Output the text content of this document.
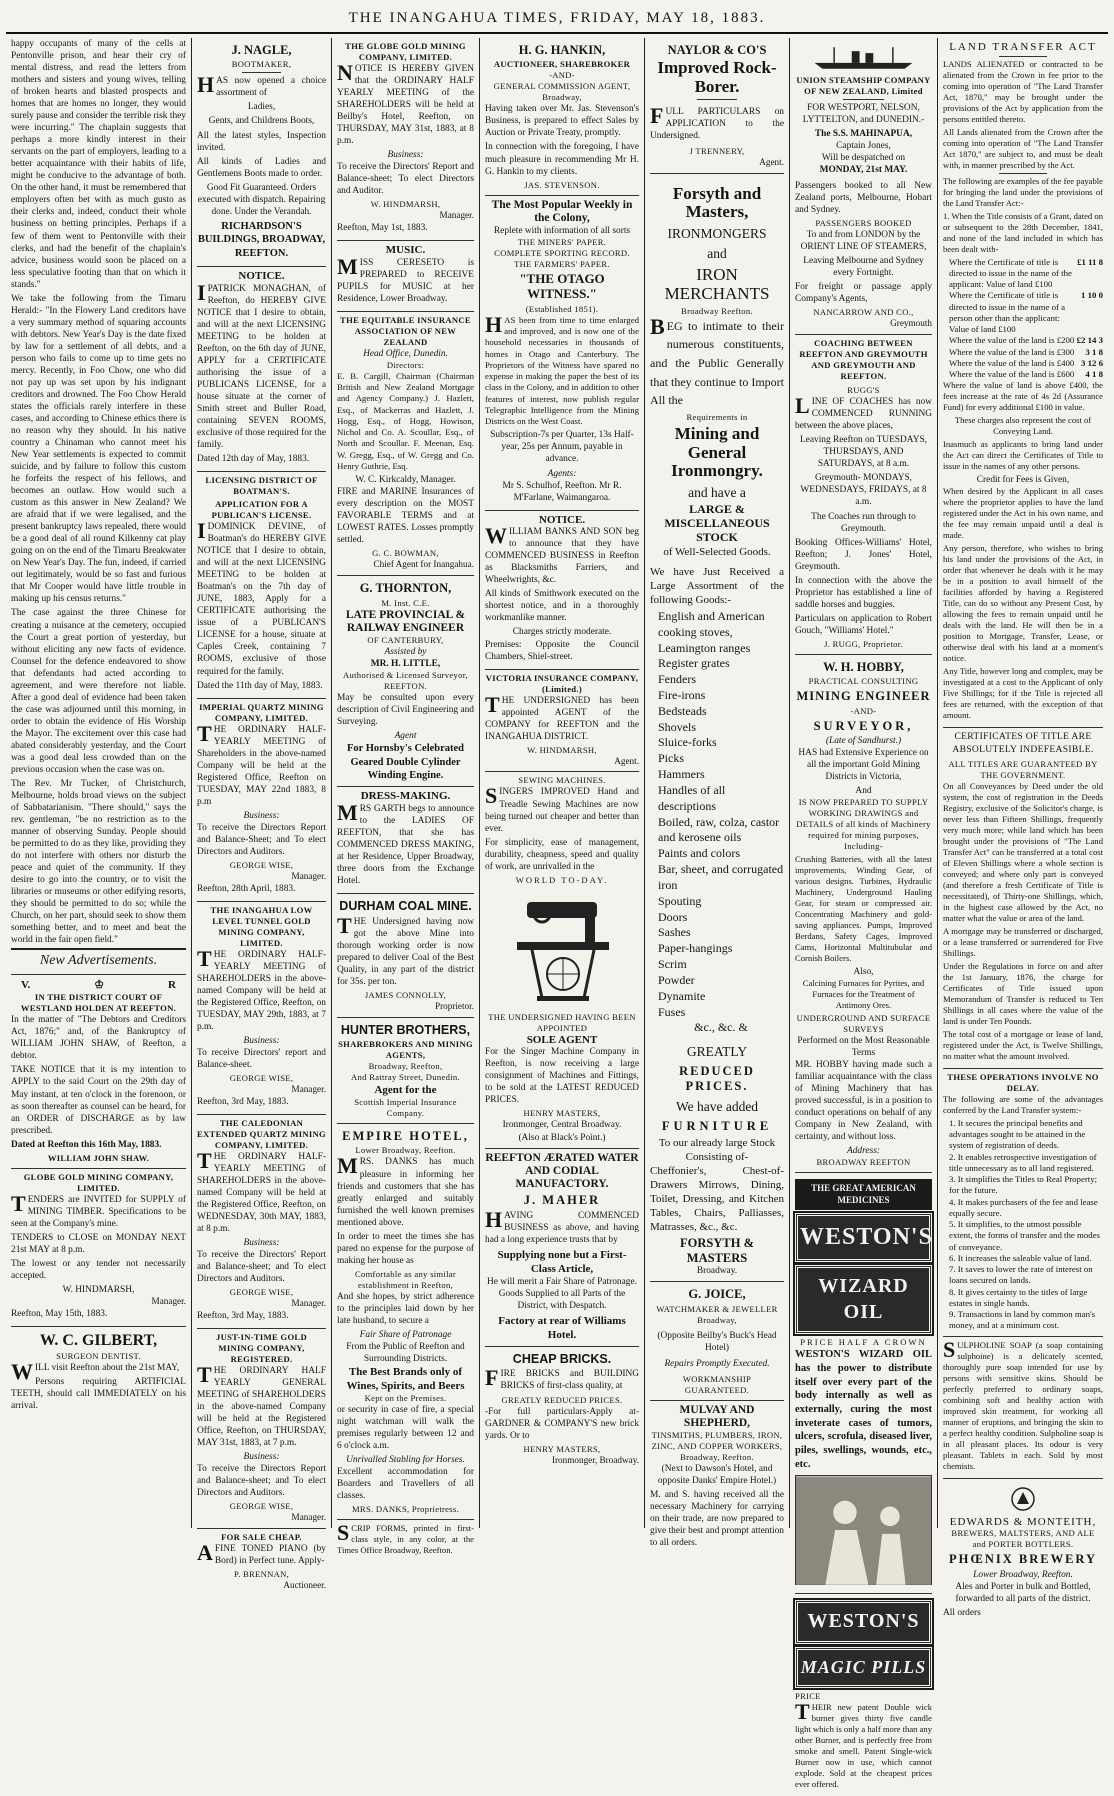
THE INANGAHUA TIMES, FRIDAY, MAY 18, 1883.

happy occupants of many of the cells at Pentonville prison, and hear their cry of mental distress, and read the letters from mothers and sisters and young wives, telling of broken hearts and blasted prospects and homes that are homes no longer, they would surely pause and consider the terrible risk they were incurring." The chaplain suggests that perhaps a more kindly interest in their servants on the part of employers, leading to a better acquaintance with their habits of life, might be conducive to the advantage of both. On the other hand, it must be remembered that employers often bet with as much gusto as their clerks and, indeed, conduct their whole business on betting principles. Perhaps if a few of them went to Pentonville with their clerks, and had the benefit of the chaplain's advice, business would soon be placed on a less speculative footing than that on which it stands."

We take the following from the Timaru Herald:- "In the Flowery Land creditors have a very summary method of squaring accounts with debtors. New Year's Day is the date fixed by law for a settlement of all debts, and a person who fails to come up to time gets no mercy. Recently, in Foo Chow, one who did not pay up was set upon by his indignant creditors and drowned. The Foo Chow Herald states the officials rarely interfere in these cases, and according to Chinese ethics there is no reason why they should. In his native country a Chinaman who cannot meet his New Year settlements is expected to commit suicide, and by failure to follow this custom he forfeits the respect of his fellows, and becomes an outlaw. How would such a custom as this answer in New Zealand? We are afraid that if we were legalised, and the present bankruptcy laws repealed, there would be a good deal of all round Kilkenny cat play going on on the end of the Timaru Breakwater on New Year's Day. The fun, indeed, if carried out legitimately, would be so fast and furious that Mr Cooper would have little trouble in making up his census returns."

The case against the three Chinese for creating a nuisance at the cemetery, occupied the Court a great portion of yesterday, but without eliciting any new facts of evidence. Counsel for the defence endeavored to show that defendants had acted according to agreement, and were therefore not liable. After a good deal of evidence had been taken the case was adjourned until this morning, in order to obtain the evidence of His Worship the Mayor. The excitement over this case had abated considerably yesterday, and the Court was a good deal less crowded than on the previous occasion when the case was on.

The Rev. Mr Tucker, of Christchurch, Melbourne, holds broad views on the subject of Sabbatarianism. "There should," says the rev. gentleman, "be no restriction as to the manner of observing Sunday. People should be permitted to do as they like, providing they do not interfere with others nor disturb the peace and quiet of the community. If they desire to go into the country, or to visit the libraries or museums or other edifying resorts, they should be permitted to do so; while the Church, on her part, should seek to show them something better, and to meet and beat the world in the fair open field."

New Advertisements.
V.	♔	R
IN THE DISTRICT COURT OF WESTLAND HOLDEN AT REEFTON.

In the matter of "The Debtors and Creditors Act, 1876;" and, of the Bankruptcy of WILLIAM JOHN SHAW, of Reefton, a debtor.

TAKE NOTICE that it is my intention to APPLY to the said Court on the 29th day of May instant, at ten o'clock in the forenoon, or as soon thereafter as counsel can be heard, for an ORDER of DISCHARGE as by law prescribed.

Dated at Reefton this 16th May, 1883.

WILLIAM JOHN SHAW.
GLOBE GOLD MINING COMPANY, LIMITED.

TENDERS are INVITED for SUPPLY of MINING TIMBER. Specifications to be seen at the Company's mine.

TENDERS to CLOSE on MONDAY NEXT 21st MAY at 8 p.m.

The lowest or any tender not necessarily accepted.

W. HINDMARSH,
Manager.

Reefton, May 15th, 1883.

W. C. GILBERT,
SURGEON DENTIST.

WILL visit Reefton about the 21st MAY,

Persons requiring ARTIFICIAL TEETH, should call IMMEDIATELY on his arrival.

J. NAGLE,
BOOTMAKER,

HAS now opened a choice assortment of

Ladies,

Gents, and Childrens Boots,

All the latest styles, Inspection invited.

All kinds of Ladies and Gentlemens Boots made to order.

Good Fit Guaranteed. Orders executed with dispatch. Repairing done. Under the Verandah.

RICHARDSON'S BUILDINGS, BROADWAY, REEFTON.

NOTICE.

IPATRICK MONAGHAN, of Reefton, do HEREBY GIVE NOTICE that I desire to obtain, and will at the next LICENSING MEETING to be holden at Reefton, on the 6th day of JUNE, APPLY for a CERTIFICATE authorising the issue of a PUBLICANS LICENSE, for a house situate at the corner of Smith street and Buller Road, containing SEVEN ROOMS, exclusive of those required for the family.

Dated 12th day of May, 1883.

LICENSING DISTRICT OF BOATMAN'S.
APPLICATION FOR A PUBLICAN'S LICENSE.

IDOMINICK DEVINE, of Boatman's do HEREBY GIVE NOTICE that I desire to obtain, and will at the next LICENSING MEETING to be holden at Boatman's on the 7th day of JUNE, 1883, Apply for a CERTIFICATE authorising the issue of a PUBLICAN'S LICENSE for a house, situate at Caples Creek, containing 7 ROOMS, exclusive of those required for the family.

Dated the 11th day of May, 1883.

IMPERIAL QUARTZ MINING COMPANY, LIMITED.

THE ORDINARY HALF-YEARLY MEETING of Shareholders in the above-named Company will be held at the Registered Office, Reefton on TUESDAY, MAY 22nd 1883, 8 p.m

Business:

To receive the Directors Report and Balance-Sheet; and To elect Directors and Auditors.

GEORGE WISE,
Manager.

Reefton, 28th April, 1883.

THE INANGAHUA LOW LEVEL TUNNEL GOLD MINING COMPANY, LIMITED.

THE ORDINARY HALF-YEARLY MEETING of SHAREHOLDERS in the above-named Company will be held at the Registered Office, Reefton, on TUESDAY, MAY 29th, 1883, at 7 p.m.

Business:

To receive Directors' report and Balance-sheet.

GEORGE WISE,
Manager.

Reefton, 3rd May, 1883.

THE CALEDONIAN EXTENDED QUARTZ MINING COMPANY, LIMITED.

THE ORDINARY HALF-YEARLY MEETING of SHAREHOLDERS in the above-named Company will be held at the Registered Office, Reefton, on WEDNESDAY, 30th MAY, 1883, at 8 p.m.

Business:

To receive the Directors' Report and Balance-sheet; and To elect Directors and Auditors.

GEORGE WISE,
Manager.

Reefton, 3rd May, 1883.

JUST-IN-TIME GOLD MINING COMPANY, REGISTERED.

THE ORDINARY HALF YEARLY GENERAL MEETING of SHAREHOLDERS in the above-named Company will be held at the Registered Office, Reefton, on THURSDAY, MAY 31st, 1883, at 7 p.m.

Business:

To receive the Directors Report and Balance-sheet; and To elect Directors and Auditors.

GEORGE WISE,
Manager.
FOR SALE CHEAP.

AFINE TONED PIANO (by Bord) in Perfect tune. Apply-

P. BRENNAN,
Auctioneer.
THE GLOBE GOLD MINING COMPANY, LIMITED.

NOTICE IS HEREBY GIVEN that the ORDINARY HALF YEARLY MEETING of the SHAREHOLDERS will be held at Beilby's Hotel, Reefton, on THURSDAY, MAY 31st, 1883, at 8 p.m.

Business:

To receive the Directors' Report and Balance-sheet; To elect Directors and Auditor.

W. HINDMARSH,
Manager.

Reefton, May 1st, 1883.

MUSIC.

MISS CERESETO is PREPARED to RECEIVE PUPILS for MUSIC at her Residence, Lower Broadway.

THE EQUITABLE INSURANCE ASSOCIATION OF NEW ZEALAND
Head Office, Dunedin.
Directors:

E. B. Cargill, Chairman (Chairman British and New Zealand Mortgage and Agency Company.) J. Hazlett, Esq., of Mackerras and Hazlett, J. Hogg, Esq., of Hogg, Howison, Nichol and Co. A. Scoullar, Esq., of North and Scoullar. F. Meenan, Esq. W. Gregg, Esq., of W. Gregg and Co. Henry Guthrie, Esq.

W. C. Kirkcaldy, Manager.

FIRE and MARINE Insurances of every description on the MOST FAVORABLE TERMS and at LOWEST RATES. Losses promptly settled.

G. C. BOWMAN,
Chief Agent for Inangahua.
G. THORNTON,
M. Inst. C.E.
LATE PROVINCIAL & RAILWAY ENGINEER
OF CANTERBURY,
Assisted by
MR. H. LITTLE,
Authorised & Licensed Surveyor, REEFTON.

May be consulted upon every description of Civil Engineering and Surveying.

Agent
For Hornsby's Celebrated Geared Double Cylinder Winding Engine.
DRESS-MAKING.

MRS GARTH begs to announce to the LADIES OF REEFTON, that she has COMMENCED DRESS MAKING, at her Residence, Upper Broadway, three doors from the Exchange Hotel.

DURHAM COAL MINE.

THE Undersigned having now got the above Mine into thorough working order is now prepared to deliver Coal of the Best Quality, in any part of the district for 35s. per ton.

JAMES CONNOLLY,
Proprietor.
HUNTER BROTHERS,
SHAREBROKERS AND MINING AGENTS,
Broadway, Reefton,
And Rattray Street, Dunedin.
Agent for the
Scottish Imperial Insurance Company.
EMPIRE HOTEL,
Lower Broadway, Reefton.

MRS. DANKS has much pleasure in informing her friends and customers that she has greatly enlarged and suitably furnished the well known premises mentioned above.

In order to meet the times she has pared no expense for the purpose of making her house as

Comfortable as any similar establishment in Reefton,

And she hopes, by strict adherence to the principles laid down by her late husband, to secure a

Fair Share of Patronage
From the Public of Reefton and Surrounding Districts.
The Best Brands only of Wines, Spirits, and Beers
Kept on the Premises.

or security in case of fire, a special night watchman will walk the premises regularly between 12 and 6 o'clock a.m.

Unrivalled Stabling for Horses.

Excellent accommodation for Boarders and Travellers of all classes.

MRS. DANKS, Proprietress.

SCRIP FORMS, printed in first-class style, in any color, at the Times Office Broadway, Reefton.

H. G. HANKIN,
AUCTIONEER, SHAREBROKER
-AND-
GENERAL COMMISSION AGENT,
Broadway,

Having taken over Mr. Jas. Stevenson's Business, is prepared to effect Sales by Auction or Private Treaty, promptly.

In connection with the foregoing, I have much pleasure in recommending Mr H. G. Hankin to my clients.

JAS. STEVENSON.
The Most Popular Weekly in the Colony,
Replete with information of all sorts
THE MINERS' PAPER.
COMPLETE SPORTING RECORD.
THE FARMERS' PAPER.
"THE OTAGO WITNESS."
(Established 1851).

HAS been from time to time enlarged and improved, and is now one of the household necessaries in thousands of homes in Otago and Canterbury. The Proprietors of the Witness have spared no expense in making the paper the best of its class in the Colony, and in addition to other features of interest, now publish regular Telegraphic Intelligence from the Mining Districts on the West Coast.

Subscription-7s per Quarter, 13s Half-year, 25s per Annum, payable in advance.

Agents:

Mr S. Schulhof, Reefton. Mr R. M'Farlane, Waimangaroa.

NOTICE.

WILLIAM BANKS AND SON beg to announce that they have COMMENCED BUSINESS in Reefton as Blacksmiths Farriers, and Wheelwrights, &c.

All kinds of Smithwork executed on the shortest notice, and in a thoroughly workmanlike manner.

Charges strictly moderate.

Premises: Opposite the Council Chambers, Shiel-street.

VICTORIA INSURANCE COMPANY, (Limited.)

THE UNDERSIGNED has been appointed AGENT of the COMPANY for REEFTON and the INANGAHUA DISTRICT.

W. HINDMARSH,
Agent.
SEWING MACHINES.

SINGERS IMPROVED Hand and Treadle Sewing Machines are now being turned out cheaper and better than ever.

For simplicity, ease of management, durability, cheapness, speed and quality of work, are unrivalled in the

WORLD TO-DAY.
THE UNDERSIGNED HAVING BEEN APPOINTED
SOLE AGENT

For the Singer Machine Company in Reefton, is now receiving a large consignment of Machines and Fittings, to be sold at the LATEST REDUCED PRICES.

HENRY MASTERS,
Ironmonger, Central Broadway.
(Also at Black's Point.)
REEFTON ÆRATED WATER AND CODIAL MANUFACTORY.
J. MAHER

HAVING COMMENCED BUSINESS as above, and having had a long experience trusts that by

Supplying none but a First-Class Article,
He will merit a Fair Share of Patronage.

Goods Supplied to all Parts of the District, with Despatch.

Factory at rear of Williams Hotel.
CHEAP BRICKS.

FIRE BRICKS and BUILDING BRICKS of first-class quality, at

GREATLY REDUCED PRICES.

-For full particulars-Apply at- GARDNER & COMPANY'S new brick yards. Or to

HENRY MASTERS,
Ironmonger, Broadway.
NAYLOR & CO'S
Improved Rock-Borer.

FULL PARTICULARS on APPLICATION to the Undersigned.

J TRENNERY,
Agent.
Forsyth and Masters,
IRONMONGERS
and
IRON MERCHANTS
Broadway Reefton.

BEG to intimate to their numerous constituents, and the Public Generally that they continue to Import All the

Requirements in
Mining and General Ironmongry.
and have a
LARGE & MISCELLANEOUS STOCK
of Well-Selected Goods.

We have Just Received a Large Assortment of the following Goods:-

English and American cooking stoves,
Leamington ranges
Register grates
Fenders
Fire-irons
Bedsteads
Shovels
Sluice-forks
Picks
Hammers
Handles of all descriptions
Boiled, raw, colza, castor and kerosene oils
Paints and colors
Bar, sheet, and corrugated iron
Spouting
Doors
Sashes
Paper-hangings
Scrim
Powder
Dynamite
Fuses
&c., &c. &
GREATLY
REDUCED PRICES.
We have added
FURNITURE
To our already large Stock Consisting of-

Cheffonier's, Chest-of-Drawers Mirrows, Dining, Toilet, Dressing, and Kitchen Tables, Chairs, Palliasses, Matrasses, &c., &c.

FORSYTH & MASTERS
Broadway.
G. JOICE,
WATCHMAKER & JEWELLER
Broadway,
(Opposite Beilby's Buck's Head Hotel)
Repairs Promptly Executed.
WORKMANSHIP GUARANTEED.
MULVAY AND SHEPHERD,
TINSMITHS, PLUMBERS, IRON, ZINC, AND COPPER WORKERS,
Broadway, Reefton.

(Next to Dawson's Hotel, and opposite Danks' Empire Hotel.)

M. and S. having received all the necessary Machinery for carrying on their trade, are now prepared to give their best and prompt attention to all orders.

UNION STEAMSHIP COMPANY OF NEW ZEALAND, Limited

FOR WESTPORT, NELSON, LYTTELTON, and DUNEDIN.-

The S.S. MAHINAPUA,
Captain Jones,
Will be despatched on
MONDAY, 21st MAY.

Passengers booked to all New Zealand ports, Melbourne, Hobart and Sydney.

PASSENGERS BOOKED

To and from LONDON by the ORIENT LINE OF STEAMERS,

Leaving Melbourne and Sydney every Fortnight.

For freight or passage apply Company's Agents,

NANCARROW AND CO.,
Greymouth
COACHING BETWEEN REEFTON AND GREYMOUTH AND GREYMOUTH AND REEFTON.
RUGG'S

LINE OF COACHES has now COMMENCED RUNNING between the above places,

Leaving Reefton on TUESDAYS, THURSDAYS, AND SATURDAYS, at 8 a.m.

Greymouth- MONDAYS, WEDNESDAYS, FRIDAYS, at 8 a.m.

The Coaches run through to Greymouth.

Booking Offices-Williams' Hotel, Reefton; J. Jones' Hotel, Greymouth.

In connection with the above the Proprietor has established a line of saddle horses and buggies.

Particulars on application to Robert Gouch, "Williams' Hotel."

J. RUGG, Proprietor.
W. H. HOBBY,
PRACTICAL CONSULTING
MINING ENGINEER
-AND-
SURVEYOR,
(Late of Sandhurst.)

HAS had Extensive Experience on all the important Gold Mining Districts in Victoria,

And

IS NOW PREPARED TO SUPPLY WORKING DRAWINGS and DETAILS of all kinds of Machinery required for mining purposes, Including-

Crushing Batteries, with all the latest improvements, Winding Gear, of various designs. Turbines, Hydraulic Machinery, Underground Hauling Gear, for steam or compressed air. Concentrating Machinery and gold-saving appliances. Pumps, Improved Berdans, Safety Cages, Improved Cams, Horizontal Multitubular and Cornish Boilers.

Also,

Calcining Furnaces for Pyrites, and Furnaces for the Treatment of Antimony Ores.

UNDERGROUND AND SURFACE SURVEYS
Performed on the Most Reasonable Terms

MR. HOBBY having made such a familiar acquaintance with the class of Mining Machinery that has proved successful, is in a position to conduct operations on behalf of any Company in New Zealand, with certainty, and without loss.

Address:
BROADWAY REEFTON
THE GREAT AMERICAN MEDICINES
WESTON'S
WIZARD OIL
PRICE HALF A CROWN

WESTON'S WIZARD OIL has the power to distribute itself over every part of the body internally as well as externally, curing the most inveterate cases of tumors, ulcers, scrofula, diseased liver, piles, swellings, wounds, etc., etc.

WESTON'S
MAGIC PILLS
PRICE

THEIR new patent Double wick burner gives thirty five candle light which is only a half more than any other Burner, and is perfectly free from smoke and smell. Patent Single-wick Burner now in use, which cannot explode. Sold at the cheapest prices ever offered.

LAND TRANSFER ACT

LANDS ALIENATED or contracted to be alienated from the Crown in fee prior to the coming into operation of "The Land Transfer Act, 1870," may be brought under the provisions of the Act by application from the persons entitled thereto.

All Lands alienated from the Crown after the coming into operation of "The Land Transfer Act 1870," are subject to, and must be dealt with, in manner prescribed by the Act.

The following are examples of the fee payable for bringing the land under the provisions of the Land Transfer Act:-

1. When the Title consists of a Grant, dated on or subsequent to the 28th December, 1841, and none of the land included in which has been dealt with-

Where the Certificate of title is directed to issue in the name of the applicant: Value of land £100
£1 11 8
Where the Certificate of title is directed to issue in the name of a person other than the applicant: Value of land £100
1 10 0
Where the value of the land is £200 £2 14 3
Where the value of the land is £300	3 1 8
Where the value of the land is £400 3 12 6
Where the value of the land is £600	4 1 8

Where the value of land is above £400, the fees increase at the rate of 4s 2d (Assurance Fund) for every additional £100 in value.

These charges also represent the cost of Conveying Land.

Inasmuch as applicants to bring land under the Act can direct the Certificates of Title to issue in the names of any other persons.

Credit for Fees is Given,

When desired by the Applicant in all cases where the proprietor applies to have the land registered under the Act in his own name, and the fee may remain unpaid until a deal is made.

Any person, therefore, who wishes to bring his land under the provisions of the Act, in order that whenever he deals with it he may be in a position to avail himself of the facilities afforded by having a Registered Title, can do so without any Present Cost, by allowing the fees to remain unpaid until he deals with the land. He will then be in a position to Mortgage, Transfer, Lease, or otherwise deal with his land at a moment's notice.

Any Title, however long and complex, may be investigated at a cost to the Applicant of only Five Shillings; for if the Title is rejected all fees are returned, with the exception of that amount.

CERTIFICATES OF TITLE ARE ABSOLUTELY INDEFEASIBLE.
ALL TITLES ARE GUARANTEED BY THE GOVERNMENT.

On all Conveyances by Deed under the old system, the cost of registration in the Deeds Registry, exclusive of the Solicitor's charge, is never less than Fifteen Shillings, frequently very much more; while land which has been brought under the provisions of "The Land Transfer Act" can be transferred at a total cost of Eleven Shillings where a whole section is conveyed; and where only part is conveyed (and therefore a fresh Certificate of Title is necessitated), of Thirty-one Shillings, which, in the highest case allowed by the Act, no matter what the value or area of the land.

A mortgage may be transferred or discharged, or a lease transferred or surrendered for Five Shillings.

Under the Regulations in force on and after the 1st January, 1876, the charge for Certificates of Title issued upon Memorandum of Transfer is reduced to Ten Shillings in all cases where the value of the land is under Ten Pounds.

The total cost of a mortgage or lease of land, registered under the Act, is Twelve Shillings, no matter what the amount involved.

THESE OPERATIONS INVOLVE NO DELAY.

The following are some of the advantages conferred by the Land Transfer system:-

1. It secures the principal benefits and advantages sought to be attained in the system of registration of deeds.
2. It enables retrospective investigation of title unnecessary as to all land registered.
3. It simplifies the Titles to Real Property; for the future.
4. It makes purchasers of the fee and lease equally secure.
5. It simplifies, to the utmost possible extent, the forms of transfer and the modes of conveyance.
6. It increases the saleable value of land.
7. It saves to lower the rate of interest on loans secured on lands.
8. It gives certainty to the titles of large estates in single hands.
9. Transactions in land by common man's money, and at a minimum cost.

SULPHOLINE SOAP (a soap containing sulphoine) is a delicately scented, thoroughly pure soap intended for use by persons with sensitive skins. Should be perfectly preferred to ordinary soaps, combining soft and healthy action with improved skin treatment, for working all manner of eruptions, and bringing the skin to a perfect healthy condition. Sulpholine soap is in all pleasant places. Its odour is very pleasant. Tablets in each. Sold by most chemists.

EDWARDS & MONTEITH,
BREWERS, MALTSTERS, AND ALE
and PORTER BOTTLERS.
PHŒNIX BREWERY
Lower Broadway, Reefton.

Ales and Porter in bulk and Bottled, forwarded to all parts of the district.

All orders
